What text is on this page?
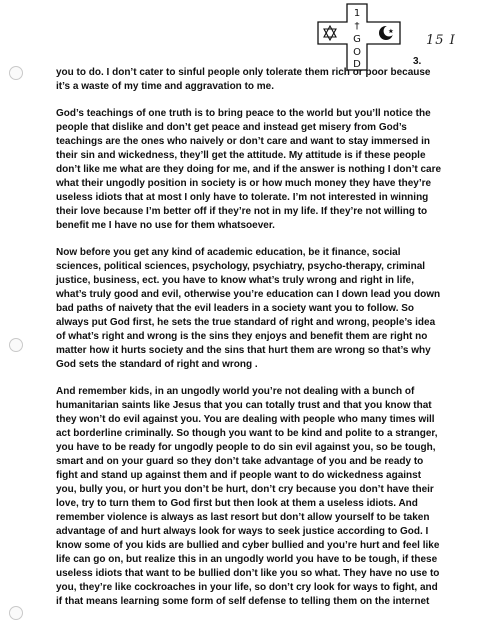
1
†
G
O
D
15 I
3.

you to do. I don’t cater to sinful people only tolerate them rich or poor because
it’s a waste of my time and aggravation to me.

God’s teachings of one truth is to bring peace to the world but you’ll notice the
people that dislike and don’t get peace and instead get misery from God’s
teachings are the ones who naively or don’t care and want to stay immersed in
their sin and wickedness, they’ll get the attitude. My attitude is if these people
don’t like me what are they doing for me, and if the answer is nothing I don’t care
what their ungodly position in society is or how much money they have they’re
useless idiots that at most I only have to tolerate. I’m not interested in winning
their love because I’m better off if they’re not in my life. If they’re not willing to
benefit me I have no use for them whatsoever.

Now before you get any kind of academic education, be it finance, social
sciences, political sciences, psychology, psychiatry, psycho-therapy, criminal
justice, business, ect. you have to know what’s truly wrong and right in life,
what’s truly good and evil, otherwise you’re education can I down lead you down
bad paths of naivety that the evil leaders in a society want you to follow. So
always put God first, he sets the true standard of right and wrong, people’s idea
of what’s right and wrong is the sins they enjoys and benefit them are right no
matter how it hurts society and the sins that hurt them are wrong so that’s why
God sets the standard of right and wrong .

And remember kids, in an ungodly world you’re not dealing with a bunch of
humanitarian saints like Jesus that you can totally trust and that you know that
they won’t do evil against you. You are dealing with people who many times will
act borderline criminally. So though you want to be kind and polite to a stranger,
you have to be ready for ungodly people to do sin evil against you, so be tough,
smart and on your guard so they don’t take advantage of you and be ready to
fight and stand up against them and if people want to do wickedness against
you, bully you, or hurt you don’t be hurt, don’t cry because you don’t have their
love, try to turn them to God first but then look at them a useless idiots. And
remember violence is always as last resort but don’t allow yourself to be taken
advantage of and hurt always look for ways to seek justice according to God. I
know some of you kids are bullied and cyber bullied and you’re hurt and feel like
life can go on, but realize this in an ungodly world you have to be tough, if these
useless idiots that want to be bullied don’t like you so what. They have no use to
you, they’re like cockroaches in your life, so don’t cry look for ways to fight, and
if that means learning some form of self defense to telling them on the internet
